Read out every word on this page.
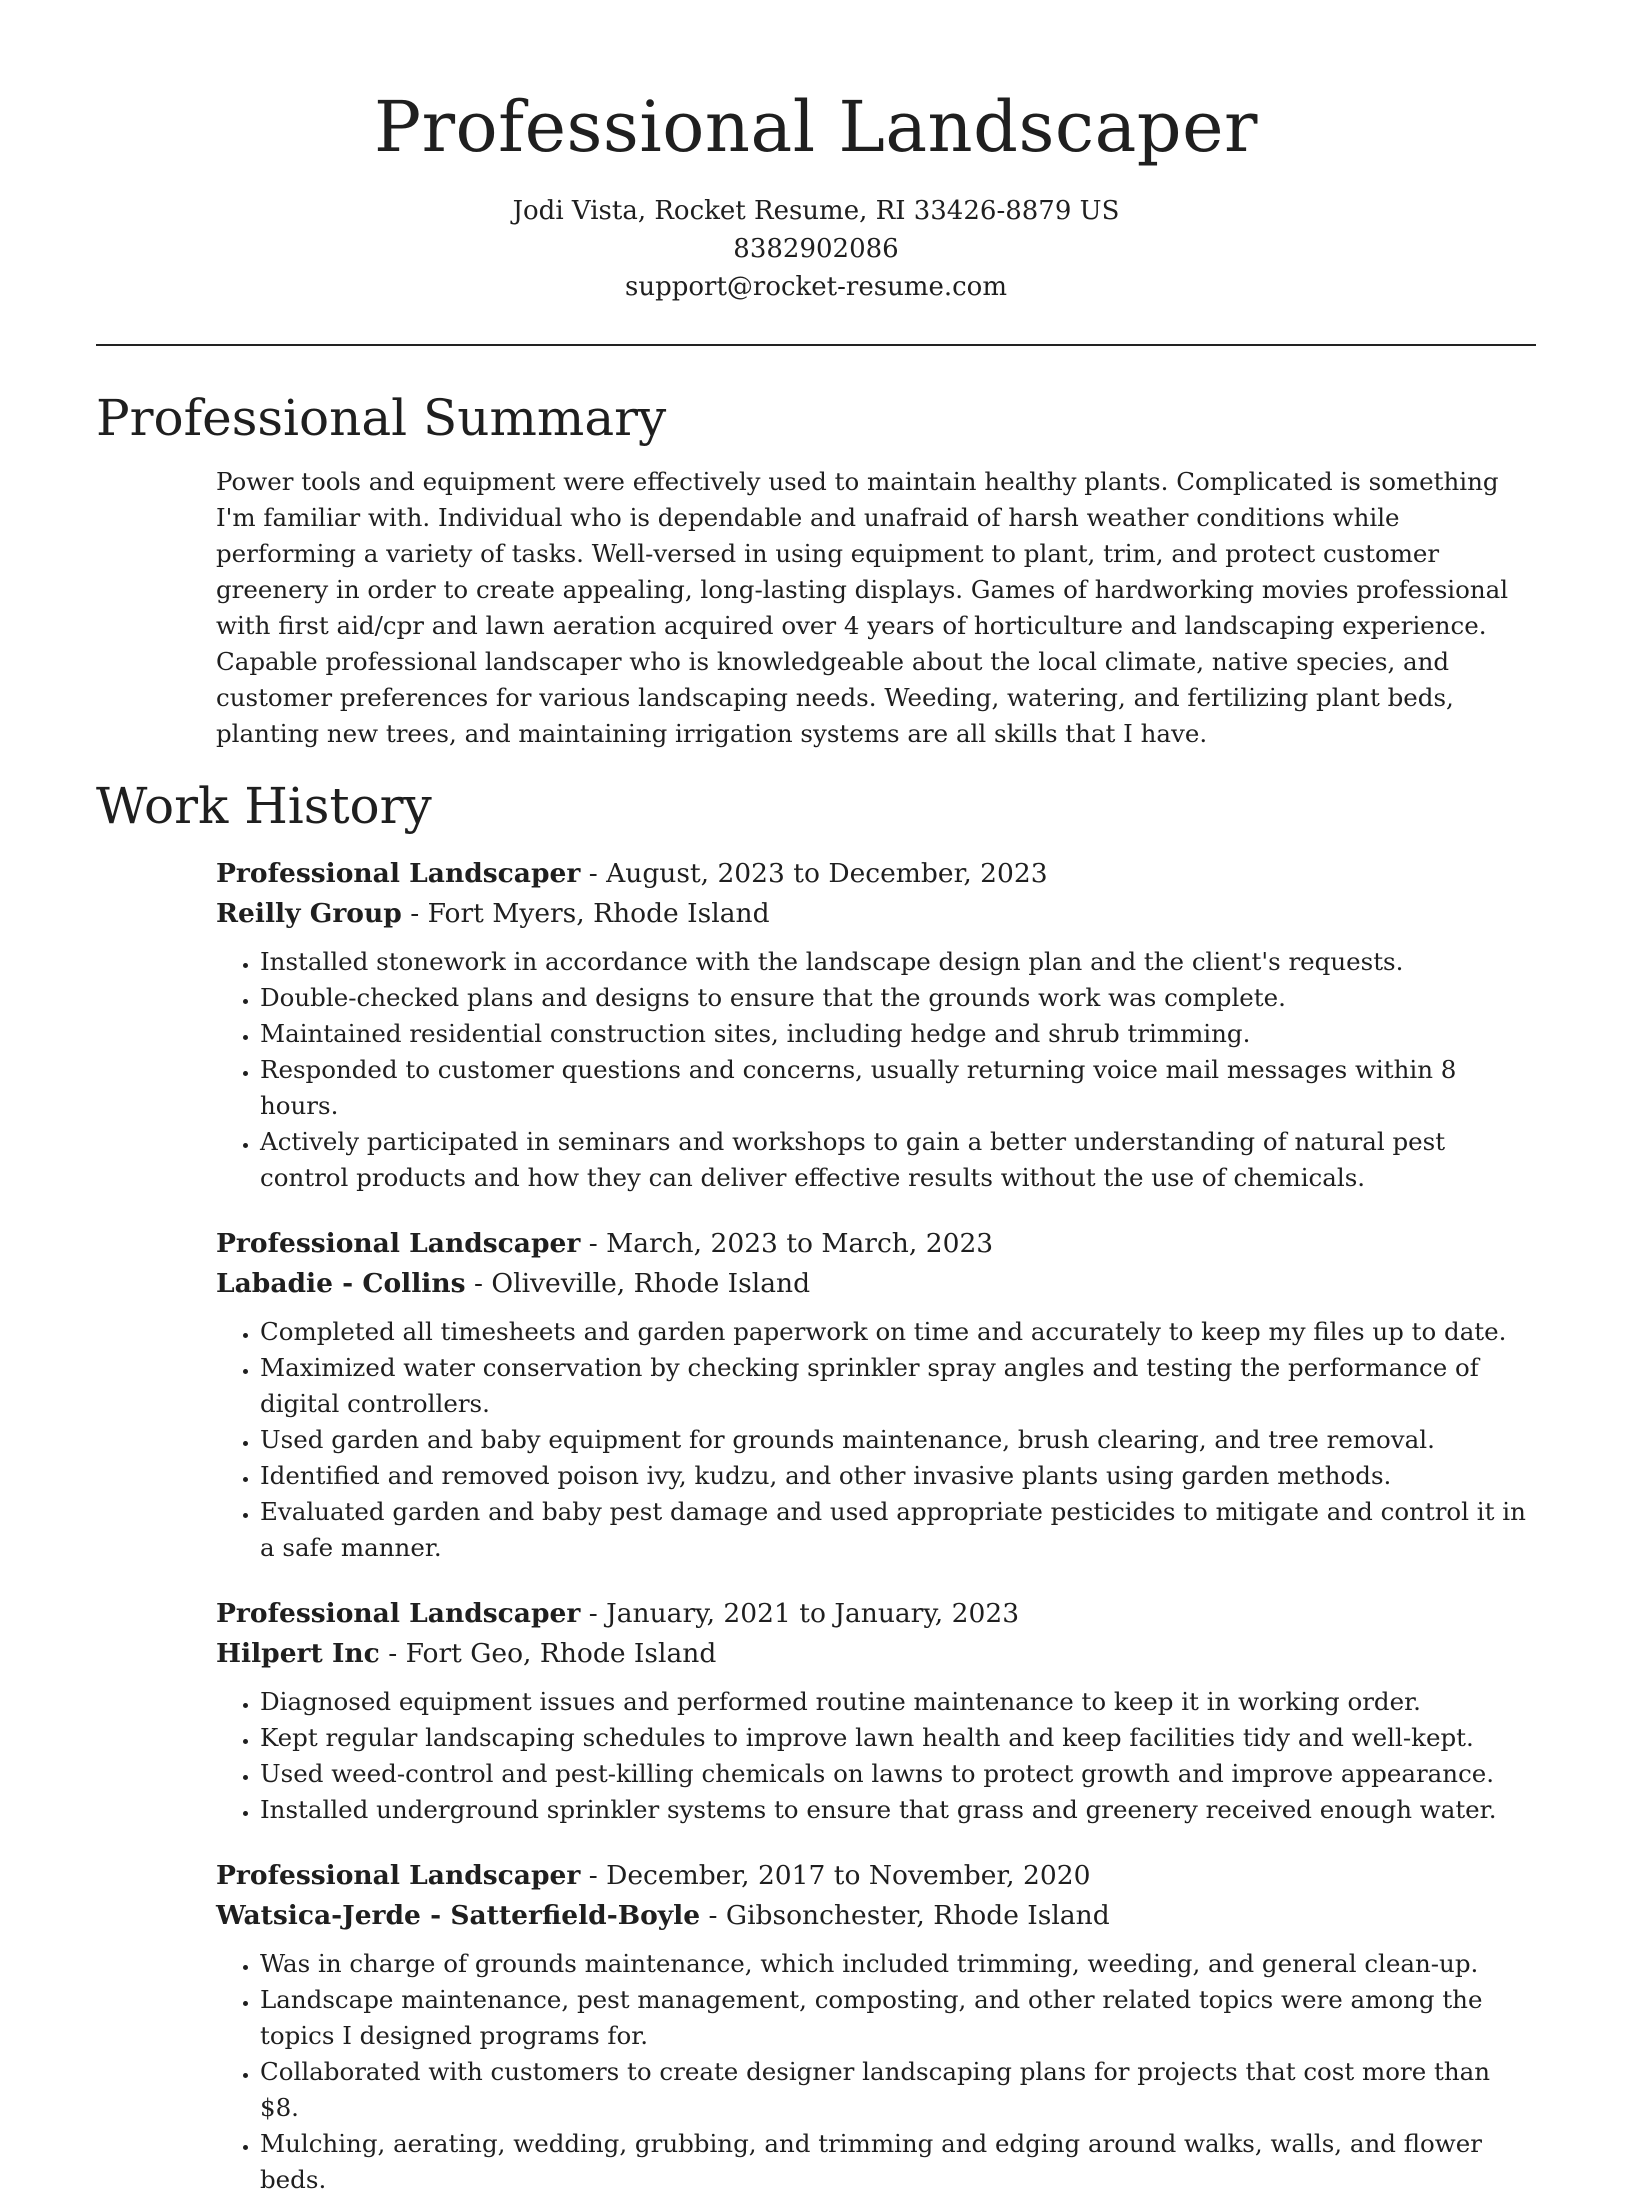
Professional Landscaper
Jodi Vista, Rocket Resume, RI 33426-8879 US
8382902086
support@rocket-resume.com
Professional Summary
Power tools and equipment were effectively used to maintain healthy plants. Complicated is something I'm familiar with. Individual who is dependable and unafraid of harsh weather conditions while performing a variety of tasks. Well-versed in using equipment to plant, trim, and protect customer greenery in order to create appealing, long-lasting displays. Games of hardworking movies professional with first aid/cpr and lawn aeration acquired over 4 years of horticulture and landscaping experience. Capable professional landscaper who is knowledgeable about the local climate, native species, and customer preferences for various landscaping needs. Weeding, watering, and fertilizing plant beds, planting new trees, and maintaining irrigation systems are all skills that I have.
Work History
Professional Landscaper - August, 2023 to December, 2023
Reilly Group - Fort Myers, Rhode Island
• Installed stonework in accordance with the landscape design plan and the client's requests.
• Double-checked plans and designs to ensure that the grounds work was complete.
• Maintained residential construction sites, including hedge and shrub trimming.
• Responded to customer questions and concerns, usually returning voice mail messages within 8 hours.
• Actively participated in seminars and workshops to gain a better understanding of natural pest control products and how they can deliver effective results without the use of chemicals.
Professional Landscaper - March, 2023 to March, 2023
Labadie - Collins - Oliveville, Rhode Island
• Completed all timesheets and garden paperwork on time and accurately to keep my files up to date.
• Maximized water conservation by checking sprinkler spray angles and testing the performance of digital controllers.
• Used garden and baby equipment for grounds maintenance, brush clearing, and tree removal.
• Identified and removed poison ivy, kudzu, and other invasive plants using garden methods.
• Evaluated garden and baby pest damage and used appropriate pesticides to mitigate and control it in a safe manner.
Professional Landscaper - January, 2021 to January, 2023
Hilpert Inc - Fort Geo, Rhode Island
• Diagnosed equipment issues and performed routine maintenance to keep it in working order.
• Kept regular landscaping schedules to improve lawn health and keep facilities tidy and well-kept.
• Used weed-control and pest-killing chemicals on lawns to protect growth and improve appearance.
• Installed underground sprinkler systems to ensure that grass and greenery received enough water.
Professional Landscaper - December, 2017 to November, 2020
Watsica-Jerde - Satterfield-Boyle - Gibsonchester, Rhode Island
• Was in charge of grounds maintenance, which included trimming, weeding, and general clean-up.
• Landscape maintenance, pest management, composting, and other related topics were among the topics I designed programs for.
• Collaborated with customers to create designer landscaping plans for projects that cost more than $8.
• Mulching, aerating, wedding, grubbing, and trimming and edging around walks, walls, and flower beds.
